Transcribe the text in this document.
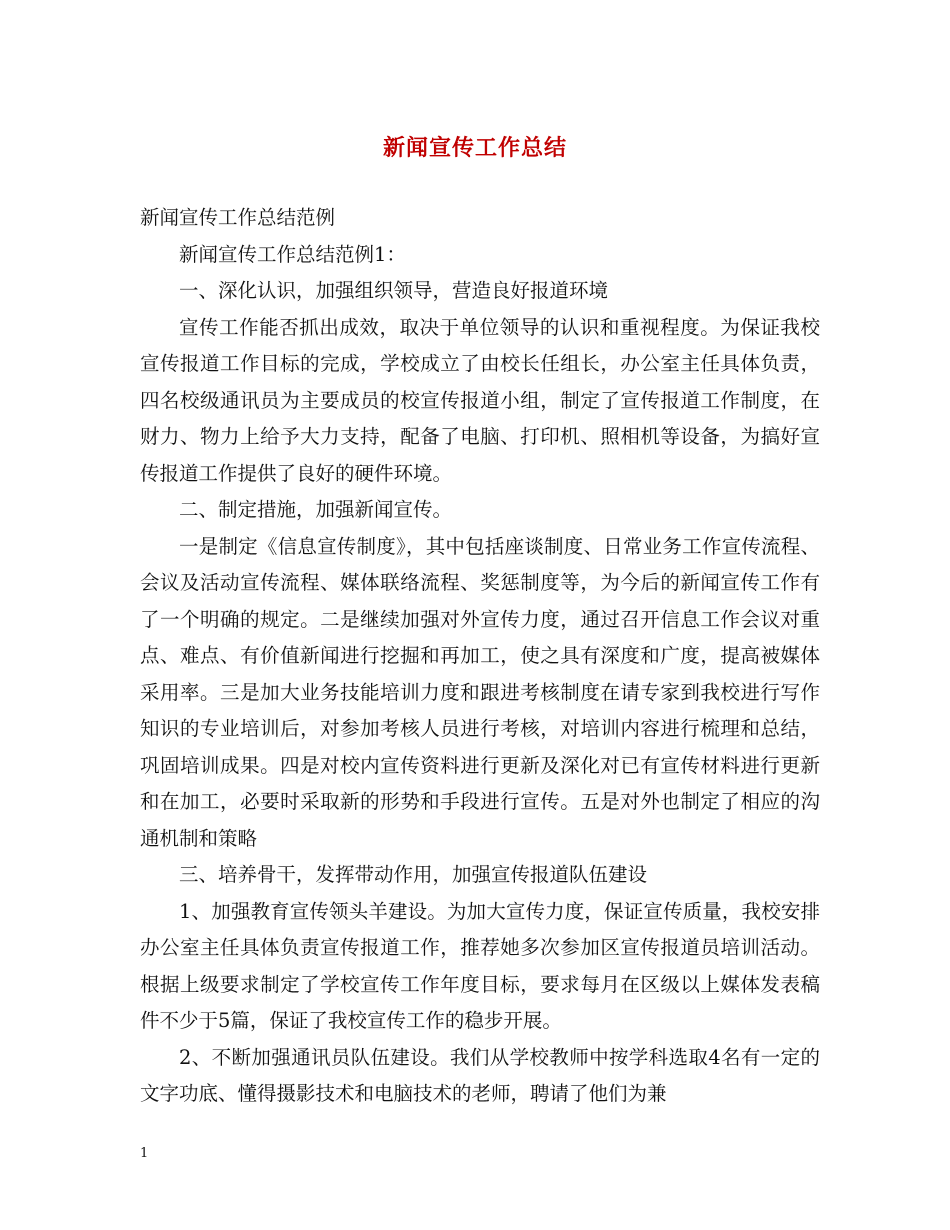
新闻宣传工作总结

新闻宣传工作总结范例

新闻宣传工作总结范例1：

一、深化认识，加强组织领导，营造良好报道环境

宣传工作能否抓出成效，取决于单位领导的认识和重视程度。为保证我校宣传报道工作目标的完成，学校成立了由校长任组长，办公室主任具体负责，四名校级通讯员为主要成员的校宣传报道小组，制定了宣传报道工作制度，在财力、物力上给予大力支持，配备了电脑、打印机、照相机等设备，为搞好宣传报道工作提供了良好的硬件环境。

二、制定措施，加强新闻宣传。

一是制定《信息宣传制度》，其中包括座谈制度、日常业务工作宣传流程、会议及活动宣传流程、媒体联络流程、奖惩制度等，为今后的新闻宣传工作有了一个明确的规定。二是继续加强对外宣传力度，通过召开信息工作会议对重点、难点、有价值新闻进行挖掘和再加工，使之具有深度和广度，提高被媒体采用率。三是加大业务技能培训力度和跟进考核制度在请专家到我校进行写作知识的专业培训后，对参加考核人员进行考核，对培训内容进行梳理和总结，巩固培训成果。四是对校内宣传资料进行更新及深化对已有宣传材料进行更新和在加工，必要时采取新的形势和手段进行宣传。五是对外也制定了相应的沟通机制和策略

三、培养骨干，发挥带动作用，加强宣传报道队伍建设

1、加强教育宣传领头羊建设。为加大宣传力度，保证宣传质量，我校安排办公室主任具体负责宣传报道工作，推荐她多次参加区宣传报道员培训活动。根据上级要求制定了学校宣传工作年度目标，要求每月在区级以上媒体发表稿件不少于5篇，保证了我校宣传工作的稳步开展。

2、不断加强通讯员队伍建设。我们从学校教师中按学科选取4名有一定的文字功底、懂得摄影技术和电脑技术的老师，聘请了他们为兼

1
